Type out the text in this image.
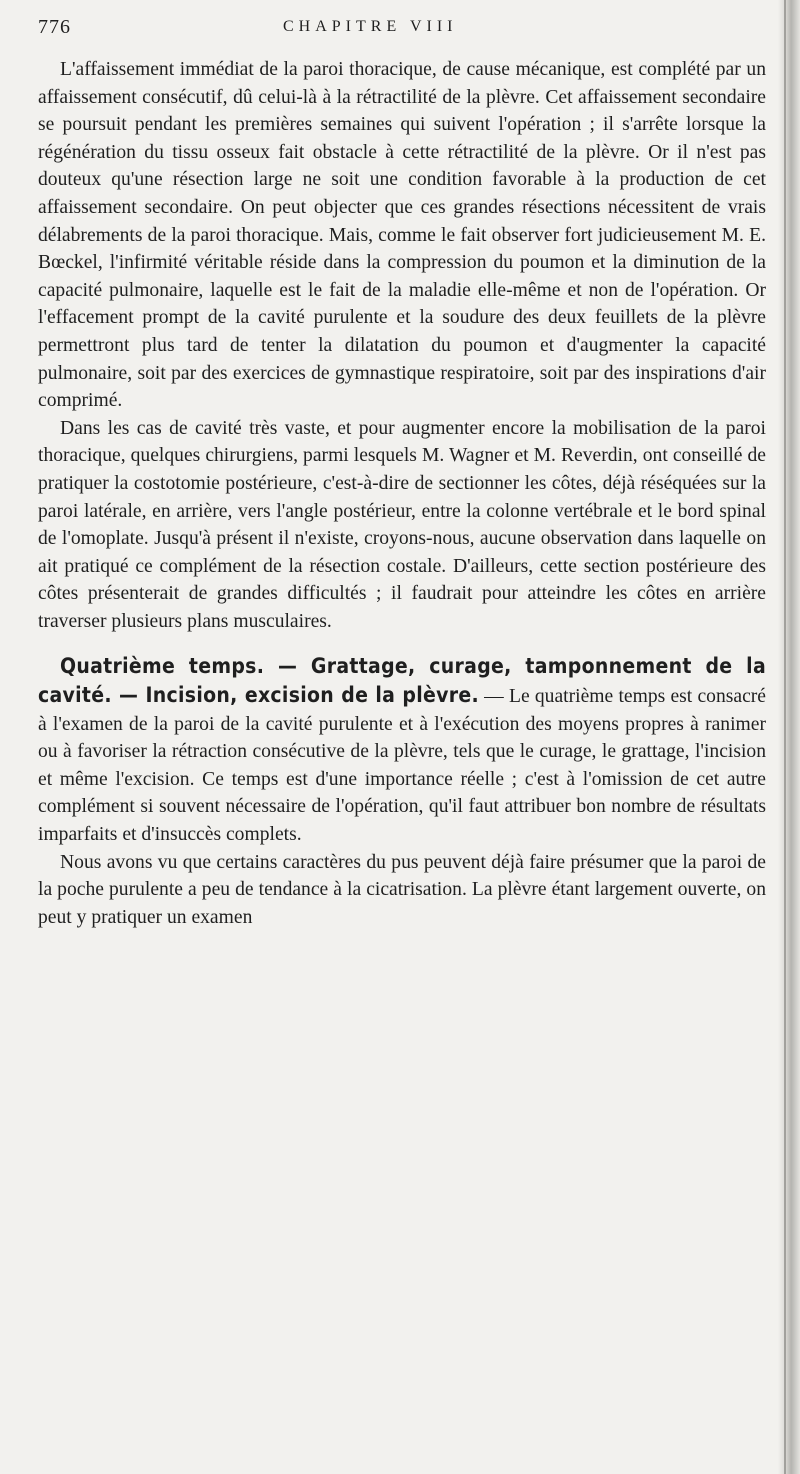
776	CHAPITRE VIII

L'affaissement immédiat de la paroi thoracique, de cause mécanique, est complété par un affaissement consécutif, dû celui-là à la rétractilité de la plèvre. Cet affaissement secondaire se poursuit pendant les premières semaines qui suivent l'opération ; il s'arrête lorsque la régénération du tissu osseux fait obstacle à cette rétractilité de la plèvre. Or il n'est pas douteux qu'une résection large ne soit une condition favorable à la production de cet affaissement secondaire. On peut objecter que ces grandes résections nécessitent de vrais délabrements de la paroi thoracique. Mais, comme le fait observer fort judicieusement M. E. Bœckel, l'infirmité véritable réside dans la compression du poumon et la diminution de la capacité pulmonaire, laquelle est le fait de la maladie elle-même et non de l'opération. Or l'effacement prompt de la cavité purulente et la soudure des deux feuillets de la plèvre permettront plus tard de tenter la dilatation du poumon et d'augmenter la capacité pulmonaire, soit par des exercices de gymnastique respiratoire, soit par des inspirations d'air comprimé.

Dans les cas de cavité très vaste, et pour augmenter encore la mobilisation de la paroi thoracique, quelques chirurgiens, parmi lesquels M. Wagner et M. Reverdin, ont conseillé de pratiquer la costotomie postérieure, c'est-à-dire de sectionner les côtes, déjà réséquées sur la paroi latérale, en arrière, vers l'angle postérieur, entre la colonne vertébrale et le bord spinal de l'omoplate. Jusqu'à présent il n'existe, croyons-nous, aucune observation dans laquelle on ait pratiqué ce complément de la résection costale. D'ailleurs, cette section postérieure des côtes présenterait de grandes difficultés ; il faudrait pour atteindre les côtes en arrière traverser plusieurs plans musculaires.

Quatrième temps. — Grattage, curage, tamponnement de la cavité. — Incision, excision de la plèvre. — Le quatrième temps est consacré à l'examen de la paroi de la cavité purulente et à l'exécution des moyens propres à ranimer ou à favoriser la rétraction consécutive de la plèvre, tels que le curage, le grattage, l'incision et même l'excision. Ce temps est d'une importance réelle ; c'est à l'omission de cet autre complément si souvent nécessaire de l'opération, qu'il faut attribuer bon nombre de résultats imparfaits et d'insuccès complets.

Nous avons vu que certains caractères du pus peuvent déjà faire présumer que la paroi de la poche purulente a peu de tendance à la cicatrisation. La plèvre étant largement ouverte, on peut y pratiquer un examen
